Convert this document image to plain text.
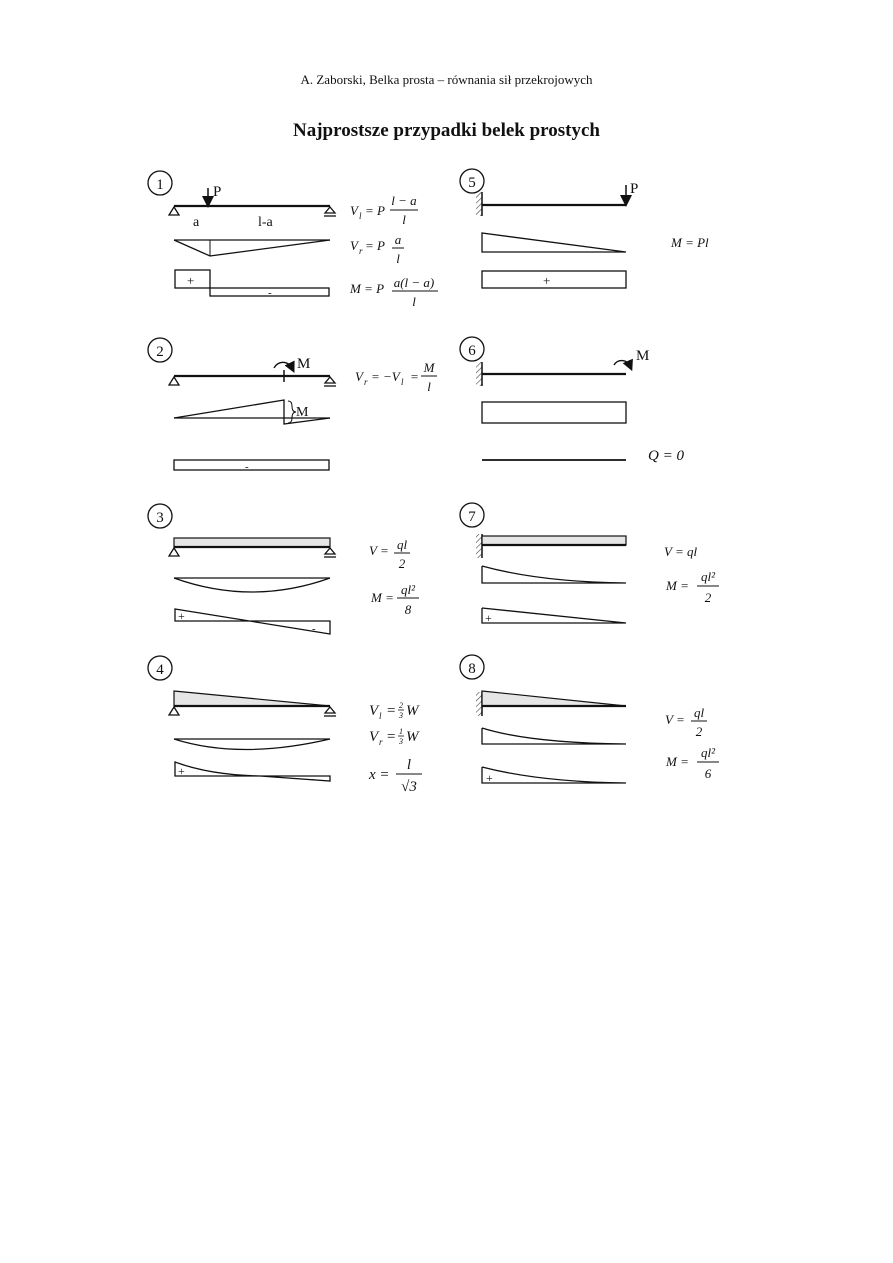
A. Zaborski, Belka prosta – równania sił przekrojowych
Najprostsze przypadki belek prostych
1	P
a	l-a
+
-
V l = P
l − a
l
V r = P a
l
M = P a(l − a)
l
2
M
M
-
V r = −V l =
M
l
3
+
-
V = ql
2
M =
ql²
8
4
+
-
V l = 2
3 W
V r = 1
3 W
x =
l
√3
5	P
+
M = Pl
6	M
Q = 0
7
+
V = ql
M =
ql²
2
8
+
V = ql
2
M =
ql²
6
